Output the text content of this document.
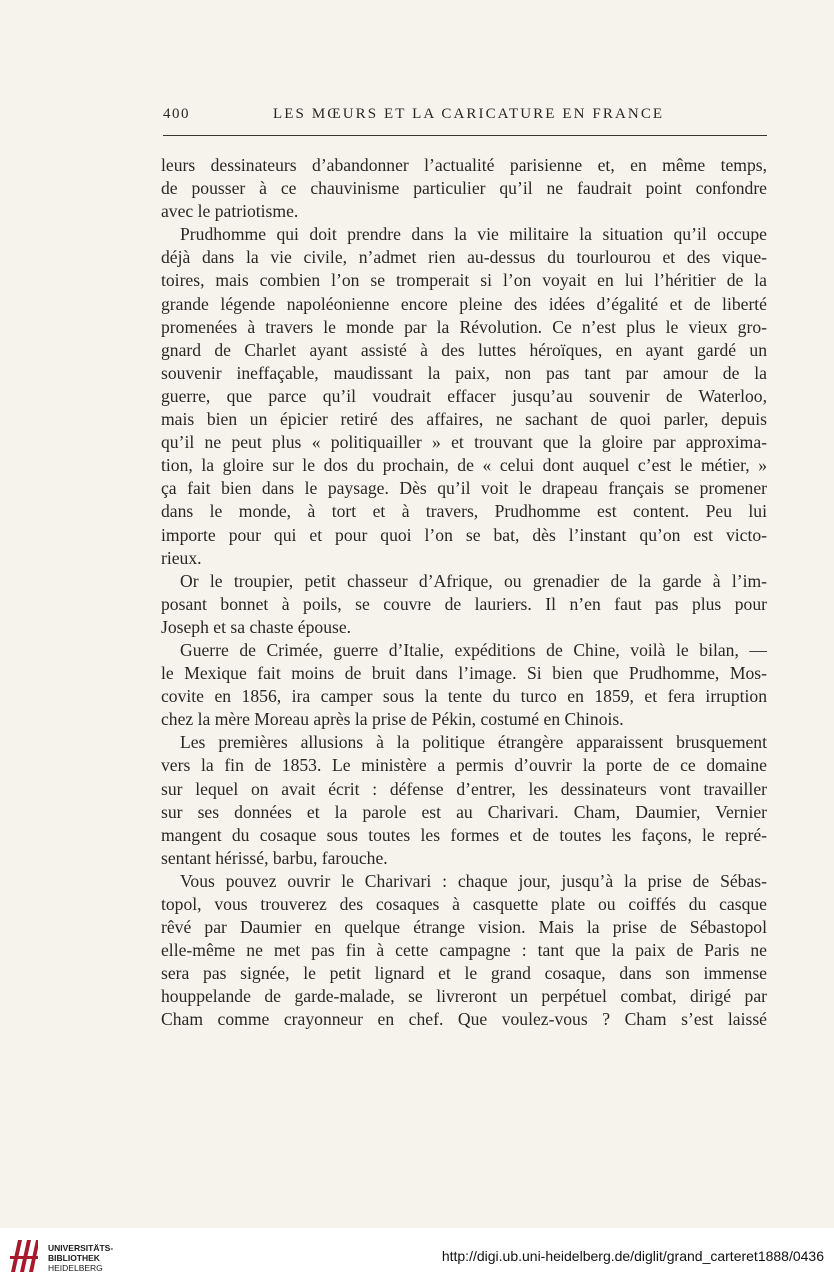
400	LES MŒURS ET LA CARICATURE EN FRANCE
leurs dessinateurs d’abandonner l’actualité parisienne et, en même temps,
de pousser à ce chauvinisme particulier qu’il ne faudrait point confondre
avec le patriotisme.
Prudhomme qui doit prendre dans la vie militaire la situation qu’il occupe
déjà dans la vie civile, n’admet rien au-dessus du tourlourou et des vique-
toires, mais combien l’on se tromperait si l’on voyait en lui l’héritier de la
grande légende napoléonienne encore pleine des idées d’égalité et de liberté
promenées à travers le monde par la Révolution. Ce n’est plus le vieux gro-
gnard de Charlet ayant assisté à des luttes héroïques, en ayant gardé un
souvenir ineffaçable, maudissant la paix, non pas tant par amour de la
guerre, que parce qu’il voudrait effacer jusqu’au souvenir de Waterloo,
mais bien un épicier retiré des affaires, ne sachant de quoi parler, depuis
qu’il ne peut plus « politiquailler » et trouvant que la gloire par approxima-
tion, la gloire sur le dos du prochain, de « celui dont auquel c’est le métier, »
ça fait bien dans le paysage. Dès qu’il voit le drapeau français se promener
dans le monde, à tort et à travers, Prudhomme est content. Peu lui
importe pour qui et pour quoi l’on se bat, dès l’instant qu’on est victo-
rieux.
Or le troupier, petit chasseur d’Afrique, ou grenadier de la garde à l’im-
posant bonnet à poils, se couvre de lauriers. Il n’en faut pas plus pour
Joseph et sa chaste épouse.
Guerre de Crimée, guerre d’Italie, expéditions de Chine, voilà le bilan, —
le Mexique fait moins de bruit dans l’image. Si bien que Prudhomme, Mos-
covite en 1856, ira camper sous la tente du turco en 1859, et fera irruption
chez la mère Moreau après la prise de Pékin, costumé en Chinois.
Les premières allusions à la politique étrangère apparaissent brusquement
vers la fin de 1853. Le ministère a permis d’ouvrir la porte de ce domaine
sur lequel on avait écrit : défense d’entrer, les dessinateurs vont travailler
sur ses données et la parole est au Charivari. Cham, Daumier, Vernier
mangent du cosaque sous toutes les formes et de toutes les façons, le repré-
sentant hérissé, barbu, farouche.
Vous pouvez ouvrir le Charivari : chaque jour, jusqu’à la prise de Sébas-
topol, vous trouverez des cosaques à casquette plate ou coiffés du casque
rêvé par Daumier en quelque étrange vision. Mais la prise de Sébastopol
elle-même ne met pas fin à cette campagne : tant que la paix de Paris ne
sera pas signée, le petit lignard et le grand cosaque, dans son immense
houppelande de garde-malade, se livreront un perpétuel combat, dirigé par
Cham comme crayonneur en chef. Que voulez-vous ? Cham s’est laissé
UNIVERSITÄTS-
BIBLIOTHEK
HEIDELBERG
http://digi.ub.uni-heidelberg.de/diglit/grand_carteret1888/0436
